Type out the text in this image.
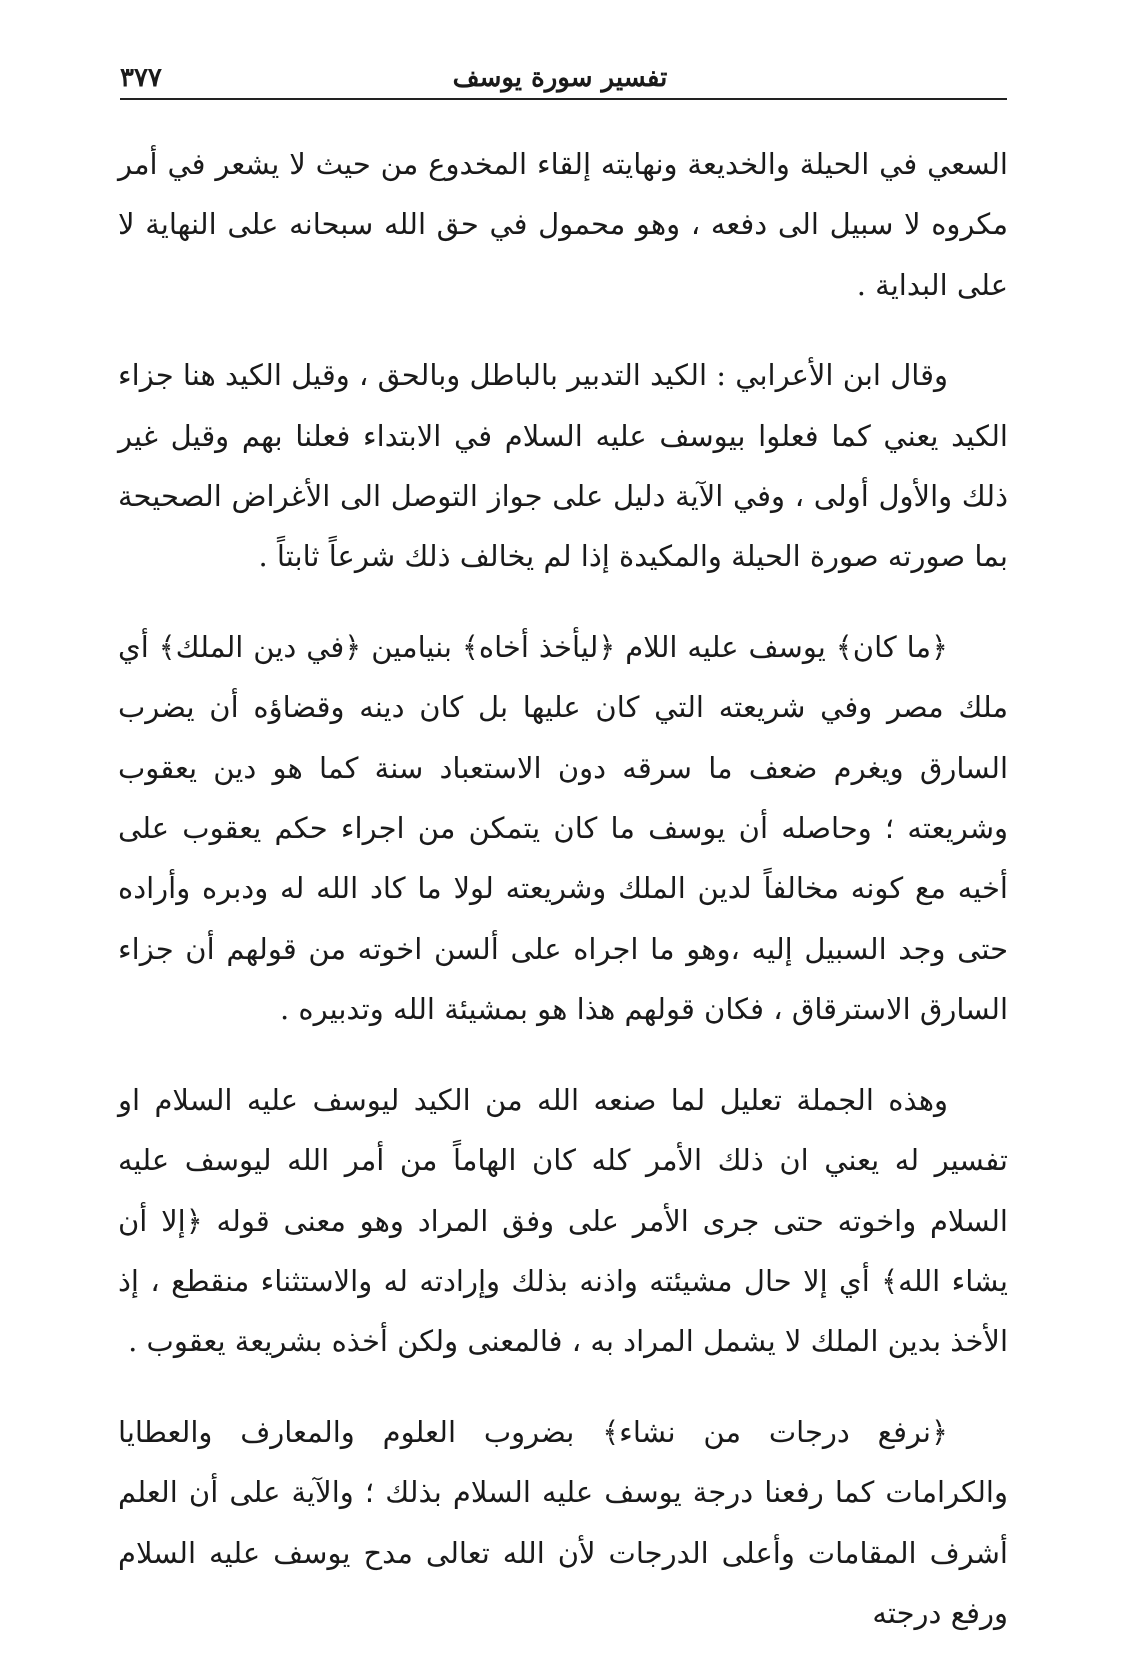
تفسير سورة يوسف
٣٧٧

السعي في الحيلة والخديعة ونهايته إلقاء المخدوع من حيث لا يشعر في أمر مكروه لا سبيل الى دفعه ، وهو محمول في حق الله سبحانه على النهاية لا على البداية .

وقال ابن الأعرابي : الكيد التدبير بالباطل وبالحق ، وقيل الكيد هنا جزاء الكيد يعني كما فعلوا بيوسف عليه السلام في الابتداء فعلنا بهم وقيل غير ذلك والأول أولى ، وفي الآية دليل على جواز التوصل الى الأغراض الصحيحة بما صورته صورة الحيلة والمكيدة إذا لم يخالف ذلك شرعاً ثابتاً .

﴿ما كان﴾ يوسف عليه اللام ﴿ليأخذ أخاه﴾ بنيامين ﴿في دين الملك﴾ أي ملك مصر وفي شريعته التي كان عليها بل كان دينه وقضاؤه أن يضرب السارق ويغرم ضعف ما سرقه دون الاستعباد سنة كما هو دين يعقوب وشريعته ؛ وحاصله أن يوسف ما كان يتمكن من اجراء حكم يعقوب على أخيه مع كونه مخالفاً لدين الملك وشريعته لولا ما كاد الله له ودبره وأراده حتى وجد السبيل إليه ،وهو ما اجراه على ألسن اخوته من قولهم أن جزاء السارق الاسترقاق ، فكان قولهم هذا هو بمشيئة الله وتدبيره .

وهذه الجملة تعليل لما صنعه الله من الكيد ليوسف عليه السلام او تفسير له يعني ان ذلك الأمر كله كان الهاماً من أمر الله ليوسف عليه السلام واخوته حتى جرى الأمر على وفق المراد وهو معنى قوله ﴿إلا أن يشاء الله﴾ أي إلا حال مشيئته واذنه بذلك وإرادته له والاستثناء منقطع ، إذ الأخذ بدين الملك لا يشمل المراد به ، فالمعنى ولكن أخذه بشريعة يعقوب .

﴿نرفع درجات من نشاء﴾ بضروب العلوم والمعارف والعطايا والكرامات كما رفعنا درجة يوسف عليه السلام بذلك ؛ والآية على أن العلم أشرف المقامات وأعلى الدرجات لأن الله تعالى مدح يوسف عليه السلام ورفع درجته
